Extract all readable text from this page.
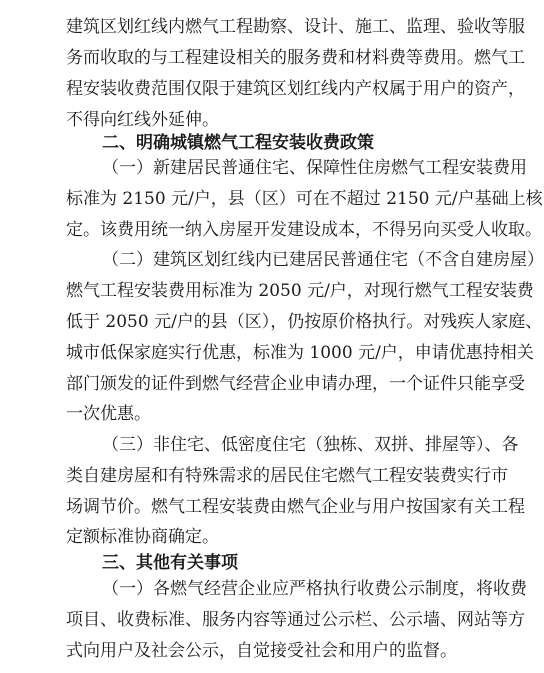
建筑区划红线内燃气工程勘察、设计、施工、监理、验收等服
务而收取的与工程建设相关的服务费和材料费等费用。燃气工
程安装收费范围仅限于建筑区划红线内产权属于用户的资产，
不得向红线外延伸。
二、明确城镇燃气工程安装收费政策
（一）新建居民普通住宅、保障性住房燃气工程安装费用
标准为 2150 元/户，县（区）可在不超过 2150 元/户基础上核
定。该费用统一纳入房屋开发建设成本，不得另向买受人收取。
（二）建筑区划红线内已建居民普通住宅（不含自建房屋）
燃气工程安装费用标准为 2050 元/户，对现行燃气工程安装费
低于 2050 元/户的县（区），仍按原价格执行。对残疾人家庭、
城市低保家庭实行优惠，标准为 1000 元/户，申请优惠持相关
部门颁发的证件到燃气经营企业申请办理，一个证件只能享受
一次优惠。
（三）非住宅、低密度住宅（独栋、双拼、排屋等）、各
类自建房屋和有特殊需求的居民住宅燃气工程安装费实行市
场调节价。燃气工程安装费由燃气企业与用户按国家有关工程
定额标准协商确定。
三、其他有关事项
（一）各燃气经营企业应严格执行收费公示制度，将收费
项目、收费标准、服务内容等通过公示栏、公示墙、网站等方
式向用户及社会公示，自觉接受社会和用户的监督。
